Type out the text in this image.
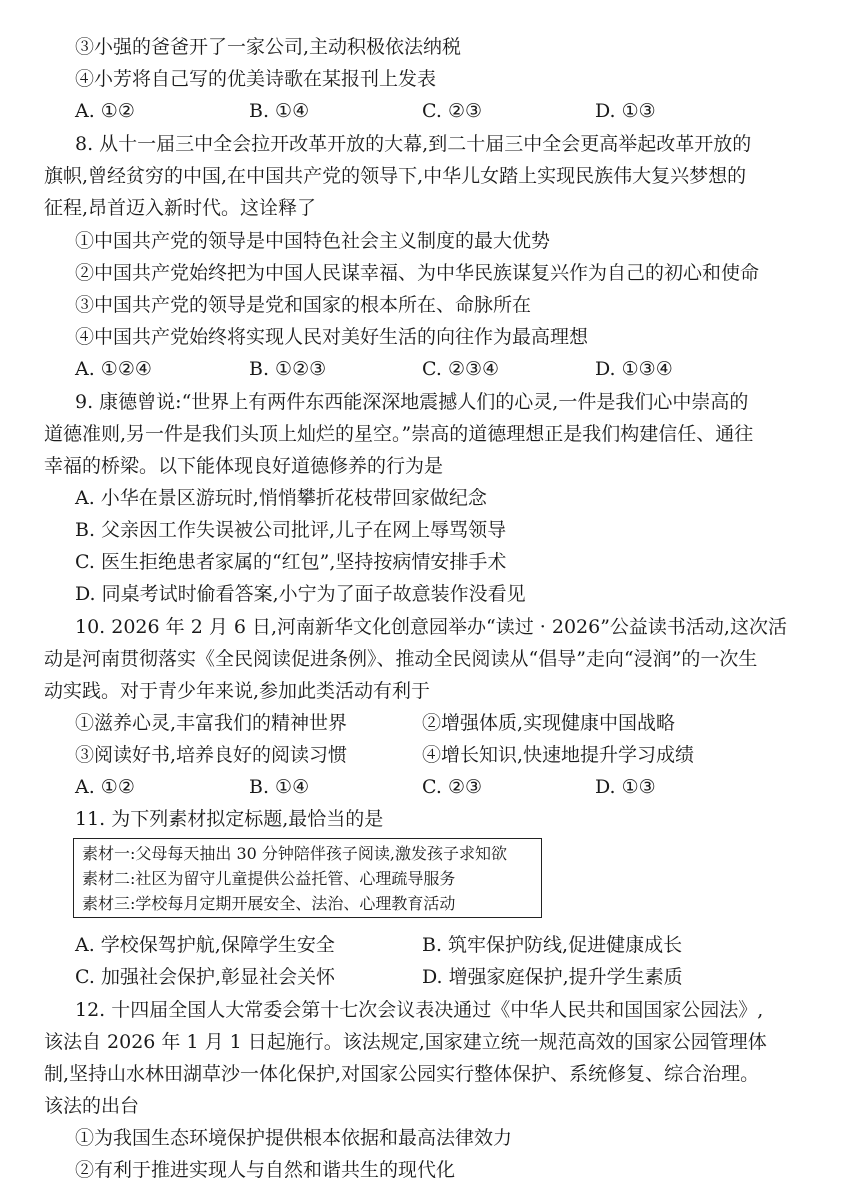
③小强的爸爸开了一家公司,主动积极依法纳税
④小芳将自己写的优美诗歌在某报刊上发表
A. ①②	B. ①④	C. ②③	D. ①③
8. 从十一届三中全会拉开改革开放的大幕,到二十届三中全会更高举起改革开放的
旗帜,曾经贫穷的中国,在中国共产党的领导下,中华儿女踏上实现民族伟大复兴梦想的
征程,昂首迈入新时代。这诠释了
①中国共产党的领导是中国特色社会主义制度的最大优势
②中国共产党始终把为中国人民谋幸福、为中华民族谋复兴作为自己的初心和使命
③中国共产党的领导是党和国家的根本所在、命脉所在
④中国共产党始终将实现人民对美好生活的向往作为最高理想
A. ①②④	B. ①②③	C. ②③④	D. ①③④
9. 康德曾说:“世界上有两件东西能深深地震撼人们的心灵,一件是我们心中崇高的
道德准则,另一件是我们头顶上灿烂的星空。”崇高的道德理想正是我们构建信任、通往
幸福的桥梁。以下能体现良好道德修养的行为是
A. 小华在景区游玩时,悄悄攀折花枝带回家做纪念
B. 父亲因工作失误被公司批评,儿子在网上辱骂领导
C. 医生拒绝患者家属的“红包”,坚持按病情安排手术
D. 同桌考试时偷看答案,小宁为了面子故意装作没看见
10. 2026 年 2 月 6 日,河南新华文化创意园举办“读过 · 2026”公益读书活动,这次活
动是河南贯彻落实《全民阅读促进条例》、推动全民阅读从“倡导”走向“浸润”的一次生
动实践。对于青少年来说,参加此类活动有利于
①滋养心灵,丰富我们的精神世界	②增强体质,实现健康中国战略
③阅读好书,培养良好的阅读习惯	④增长知识,快速地提升学习成绩
A. ①②	B. ①④	C. ②③	D. ①③
11. 为下列素材拟定标题,最恰当的是
素材一:父母每天抽出 30 分钟陪伴孩子阅读,激发孩子求知欲
素材二:社区为留守儿童提供公益托管、心理疏导服务
素材三:学校每月定期开展安全、法治、心理教育活动
A. 学校保驾护航,保障学生安全	B. 筑牢保护防线,促进健康成长
C. 加强社会保护,彰显社会关怀	D. 增强家庭保护,提升学生素质
12. 十四届全国人大常委会第十七次会议表决通过《中华人民共和国国家公园法》,
该法自 2026 年 1 月 1 日起施行。该法规定,国家建立统一规范高效的国家公园管理体
制,坚持山水林田湖草沙一体化保护,对国家公园实行整体保护、系统修复、综合治理。
该法的出台
①为我国生态环境保护提供根本依据和最高法律效力
②有利于推进实现人与自然和谐共生的现代化
